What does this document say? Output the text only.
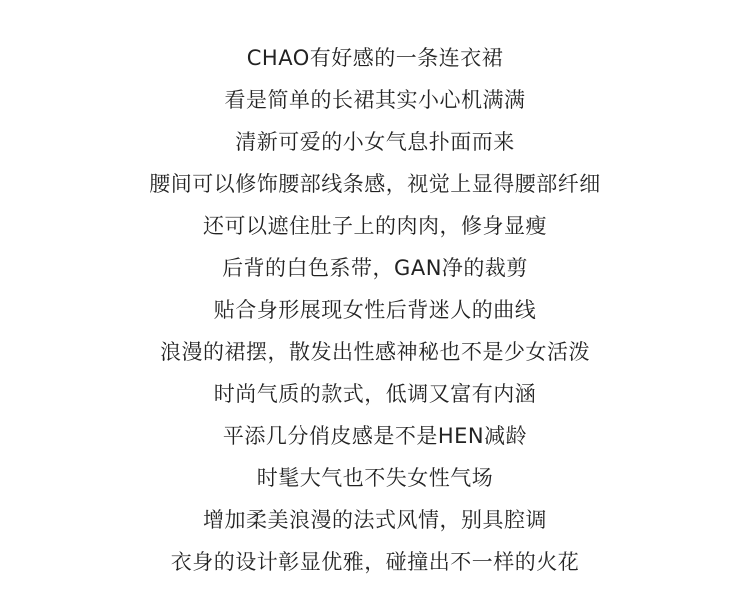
CHAO有好感的一条连衣裙
看是简单的长裙其实小心机满满
清新可爱的小女气息扑面而来
腰间可以修饰腰部线条感，视觉上显得腰部纤细
还可以遮住肚子上的肉肉，修身显瘦
后背的白色系带，GAN净的裁剪
贴合身形展现女性后背迷人的曲线
浪漫的裙摆，散发出性感神秘也不是少女活泼
时尚气质的款式，低调又富有内涵
平添几分俏皮感是不是HEN减龄
时髦大气也不失女性气场
增加柔美浪漫的法式风情，别具腔调
衣身的设计彰显优雅，碰撞出不一样的火花
